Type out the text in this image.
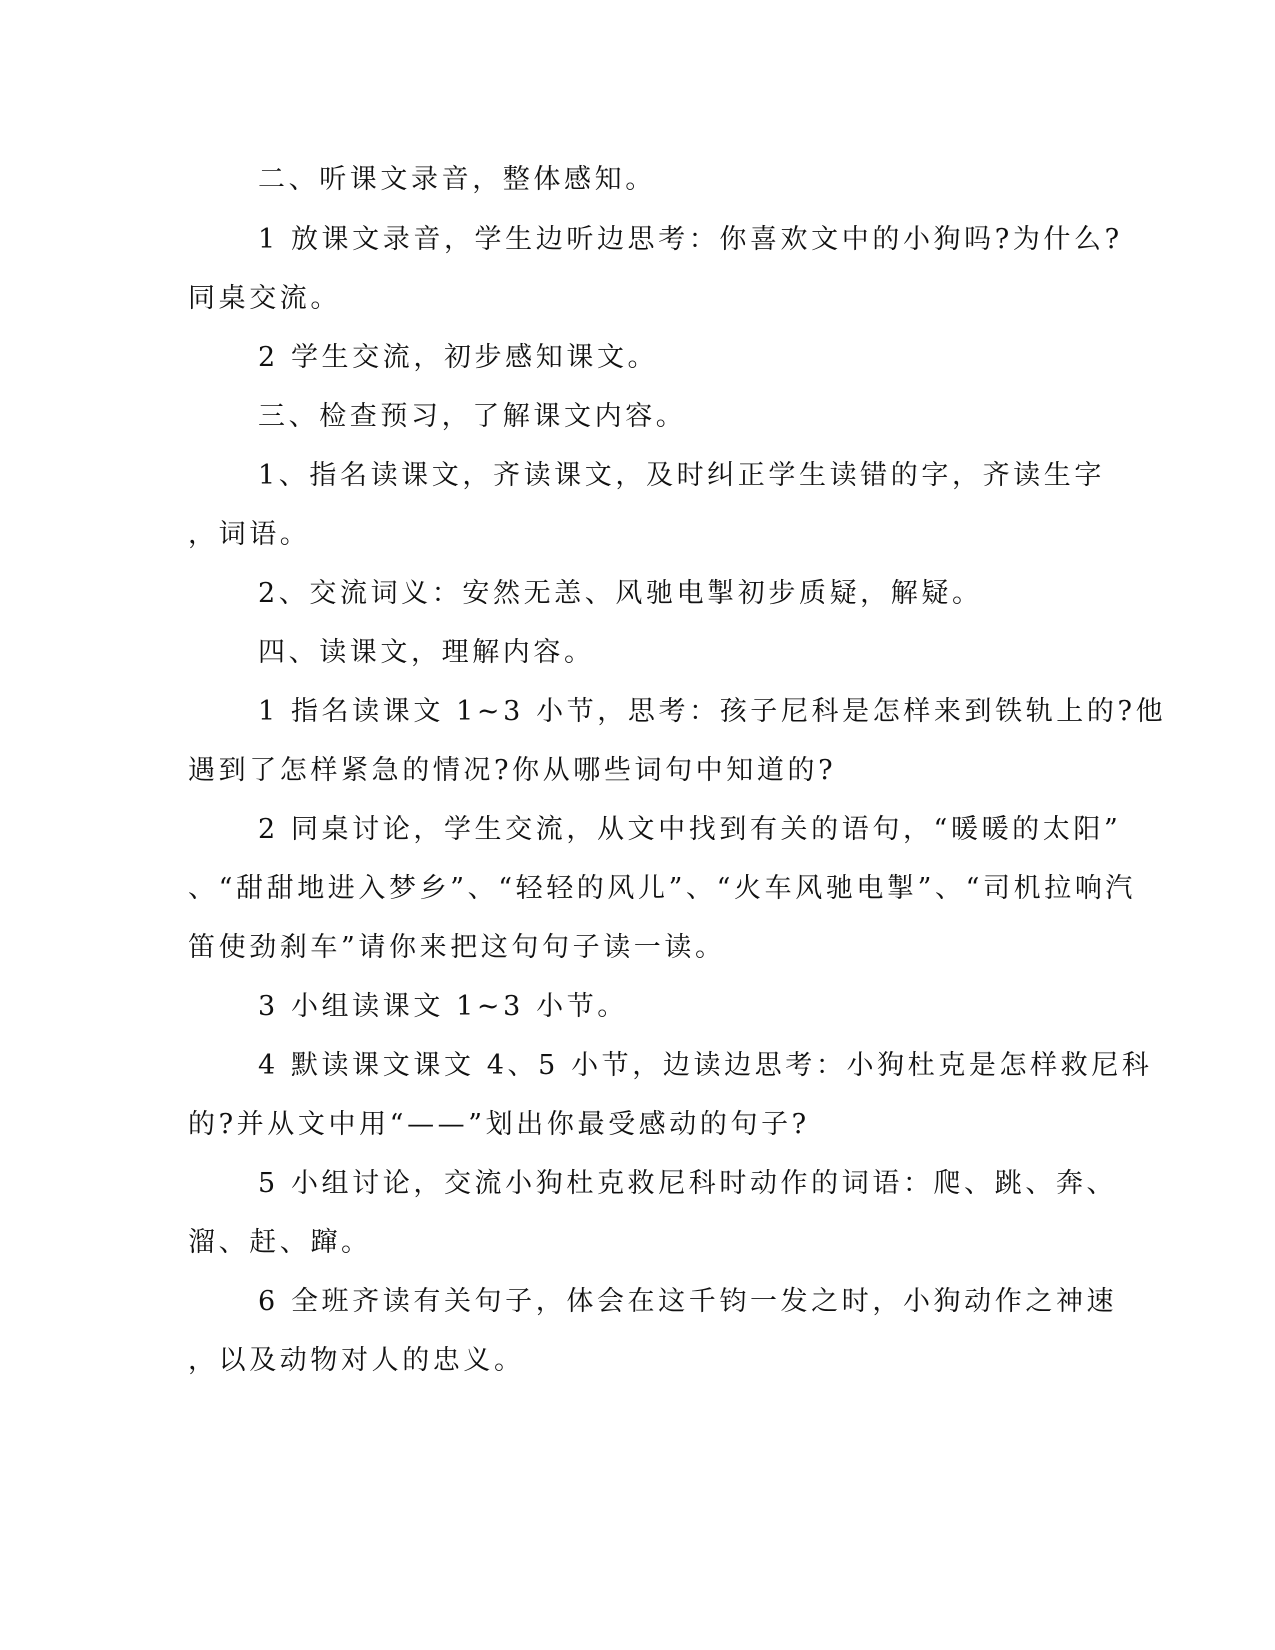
二、听课文录音，整体感知。
1 放课文录音，学生边听边思考：你喜欢文中的小狗吗?为什么?
同桌交流。
2 学生交流，初步感知课文。
三、检查预习，了解课文内容。
1、指名读课文，齐读课文，及时纠正学生读错的字，齐读生字
，词语。
2、交流词义：安然无恙、风驰电掣初步质疑，解疑。
四、读课文，理解内容。
1 指名读课文 1~3 小节，思考：孩子尼科是怎样来到铁轨上的?他
遇到了怎样紧急的情况?你从哪些词句中知道的?
2 同桌讨论，学生交流，从文中找到有关的语句，“暖暖的太阳”
、“甜甜地进入梦乡”、“轻轻的风儿”、“火车风驰电掣”、“司机拉响汽
笛使劲刹车”请你来把这句句子读一读。
3 小组读课文 1~3 小节。
4 默读课文课文 4、5 小节，边读边思考：小狗杜克是怎样救尼科
的?并从文中用“——”划出你最受感动的句子?
5 小组讨论，交流小狗杜克救尼科时动作的词语：爬、跳、奔、
溜、赶、蹿。
6 全班齐读有关句子，体会在这千钧一发之时，小狗动作之神速
，以及动物对人的忠义。
